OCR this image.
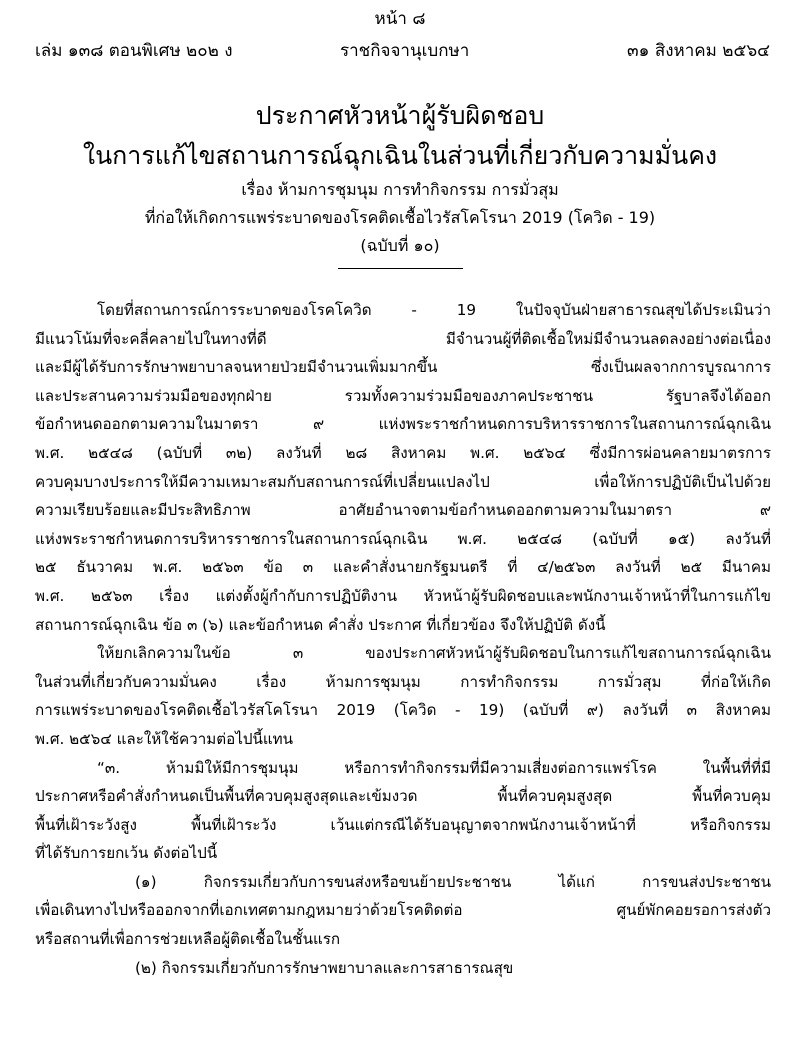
หน้า ๘
เล่ม ๑๓๘ ตอนพิเศษ ๒๐๒ ง	ราชกิจจานุเบกษา	๓๑ สิงหาคม ๒๕๖๔
ประกาศหัวหน้าผู้รับผิดชอบ
ในการแก้ไขสถานการณ์ฉุกเฉินในส่วนที่เกี่ยวกับความมั่นคง
เรื่อง ห้ามการชุมนุม การทำกิจกรรม การมั่วสุม
ที่ก่อให้เกิดการแพร่ระบาดของโรคติดเชื้อไวรัสโคโรนา 2019 (โควิด - 19)
(ฉบับที่ ๑๐)
โดยที่สถานการณ์การระบาดของโรคโควิด - 19 ในปัจจุบันฝ่ายสาธารณสุขได้ประเมินว่า
มีแนวโน้มที่จะคลี่คลายไปในทางที่ดี มีจำนวนผู้ที่ติดเชื้อใหม่มีจำนวนลดลงอย่างต่อเนื่อง
และมีผู้ได้รับการรักษาพยาบาลจนหายป่วยมีจำนวนเพิ่มมากขึ้น ซึ่งเป็นผลจากการบูรณาการ
และประสานความร่วมมือของทุกฝ่าย รวมทั้งความร่วมมือของภาคประชาชน รัฐบาลจึงได้ออก
ข้อกำหนดออกตามความในมาตรา ๙ แห่งพระราชกำหนดการบริหารราชการในสถานการณ์ฉุกเฉิน
พ.ศ. ๒๕๔๘ (ฉบับที่ ๓๒) ลงวันที่ ๒๘ สิงหาคม พ.ศ. ๒๕๖๔ ซึ่งมีการผ่อนคลายมาตรการ
ควบคุมบางประการให้มีความเหมาะสมกับสถานการณ์ที่เปลี่ยนแปลงไป เพื่อให้การปฏิบัติเป็นไปด้วย
ความเรียบร้อยและมีประสิทธิภาพ อาศัยอำนาจตามข้อกำหนดออกตามความในมาตรา ๙
แห่งพระราชกำหนดการบริหารราชการในสถานการณ์ฉุกเฉิน พ.ศ. ๒๕๔๘ (ฉบับที่ ๑๕) ลงวันที่
๒๕ ธันวาคม พ.ศ. ๒๕๖๓ ข้อ ๓ และคำสั่งนายกรัฐมนตรี ที่ ๔/๒๕๖๓ ลงวันที่ ๒๕ มีนาคม
พ.ศ. ๒๕๖๓ เรื่อง แต่งตั้งผู้กำกับการปฏิบัติงาน หัวหน้าผู้รับผิดชอบและพนักงานเจ้าหน้าที่ในการแก้ไข
สถานการณ์ฉุกเฉิน ข้อ ๓ (๖) และข้อกำหนด คำสั่ง ประกาศ ที่เกี่ยวข้อง จึงให้ปฏิบัติ ดังนี้
ให้ยกเลิกความในข้อ ๓ ของประกาศหัวหน้าผู้รับผิดชอบในการแก้ไขสถานการณ์ฉุกเฉิน
ในส่วนที่เกี่ยวกับความมั่นคง เรื่อง ห้ามการชุมนุม การทำกิจกรรม การมั่วสุม ที่ก่อให้เกิด
การแพร่ระบาดของโรคติดเชื้อไวรัสโคโรนา 2019 (โควิด - 19) (ฉบับที่ ๙) ลงวันที่ ๓ สิงหาคม
พ.ศ. ๒๕๖๔ และให้ใช้ความต่อไปนี้แทน
“๓. ห้ามมิให้มีการชุมนุม หรือการทำกิจกรรมที่มีความเสี่ยงต่อการแพร่โรค ในพื้นที่ที่มี
ประกาศหรือคำสั่งกำหนดเป็นพื้นที่ควบคุมสูงสุดและเข้มงวด พื้นที่ควบคุมสูงสุด พื้นที่ควบคุม
พื้นที่เฝ้าระวังสูง พื้นที่เฝ้าระวัง เว้นแต่กรณีได้รับอนุญาตจากพนักงานเจ้าหน้าที่ หรือกิจกรรม
ที่ได้รับการยกเว้น ดังต่อไปนี้
(๑) กิจกรรมเกี่ยวกับการขนส่งหรือขนย้ายประชาชน ได้แก่ การขนส่งประชาชน
เพื่อเดินทางไปหรือออกจากที่เอกเทศตามกฎหมายว่าด้วยโรคติดต่อ ศูนย์พักคอยรอการส่งตัว
หรือสถานที่เพื่อการช่วยเหลือผู้ติดเชื้อในชั้นแรก
(๒) กิจกรรมเกี่ยวกับการรักษาพยาบาลและการสาธารณสุข
